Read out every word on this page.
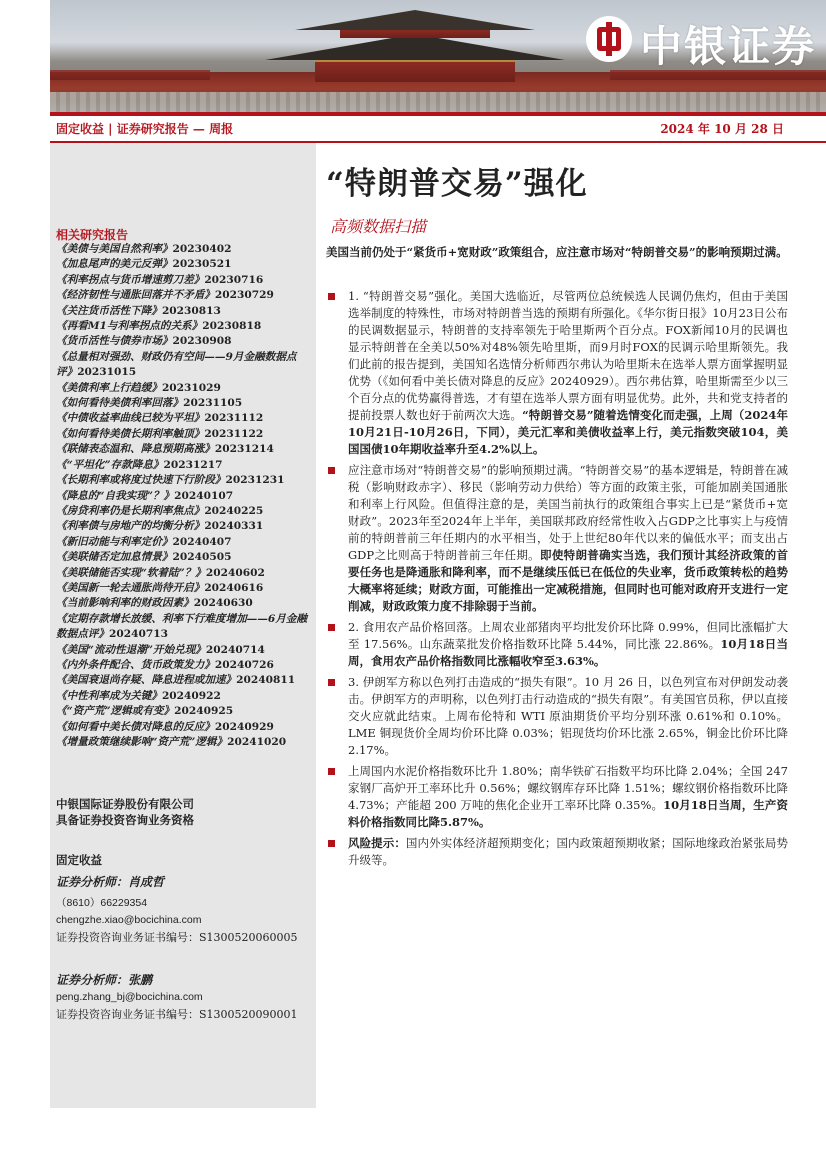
中银证券
固定收益 | 证券研究报告 — 周报	2024 年 10 月 28 日
相关研究报告
《美债与美国自然利率》20230402
《加息尾声的美元反弹》20230521
《利率拐点与货币增速剪刀差》20230716
《经济韧性与通胀回落并不矛盾》20230729
《关注货币活性下降》20230813
《再看M1与利率拐点的关系》20230818
《货币活性与债券市场》20230908
《总量相对强劲、财政仍有空间——9月金融数据点评》20231015
《美债利率上行趋缓》20231029
《如何看待美债利率回落》20231105
《中债收益率曲线已较为平坦》20231112
《如何看待美债长期利率触顶》20231122
《联储表态温和、降息预期高涨》20231214
《“平坦化”存款降息》20231217
《长期利率或将度过快速下行阶段》20231231
《降息的“自我实现”？》20240107
《房贷利率仍是长期利率焦点》20240225
《利率债与房地产的均衡分析》20240331
《新旧动能与利率定价》20240407
《美联储否定加息情景》20240505
《美联储能否实现“软着陆”？》20240602
《美国新一轮去通胀尚待开启》20240616
《当前影响利率的财政因素》20240630
《定期存款增长放缓、利率下行难度增加——6月金融数据点评》20240713
《美国“流动性退潮”开始兑现》20240714
《内外条件配合、货币政策发力》20240726
《美国衰退尚存疑、降息进程或加速》20240811
《中性利率成为关键》20240922
《“资产荒”逻辑或有变》20240925
《如何看中美长债对降息的反应》20240929
《增量政策继续影响“资产荒”逻辑》20241020
中银国际证券股份有限公司
具备证券投资咨询业务资格
固定收益
证券分析师：肖成哲
（8610）66229354
chengzhe.xiao@bocichina.com
证券投资咨询业务证书编号：S1300520060005
证券分析师：张鹏
peng.zhang_bj@bocichina.com
证券投资咨询业务证书编号：S1300520090001
“特朗普交易”强化
高频数据扫描

美国当前仍处于“紧货币+宽财政”政策组合，应注意市场对“特朗普交易”的影响预期过满。

1. “特朗普交易”强化。美国大选临近，尽管两位总统候选人民调仍焦灼，但由于美国选举制度的特殊性，市场对特朗普当选的预期有所强化。《华尔街日报》10月23日公布的民调数据显示，特朗普的支持率领先于哈里斯两个百分点。FOX新闻10月的民调也显示特朗普在全美以50%对48%领先哈里斯，而9月时FOX的民调示哈里斯领先。我们此前的报告提到，美国知名选情分析师西尔弗认为哈里斯未在选举人票方面掌握明显优势（《如何看中美长债对降息的反应》20240929）。西尔弗估算，哈里斯需至少以三个百分点的优势赢得普选，才有望在选举人票方面有明显优势。此外，共和党支持者的提前投票人数也好于前两次大选。“特朗普交易”随着选情变化而走强，上周（2024年10月21日-10月26日，下同），美元汇率和美债收益率上行，美元指数突破104，美国国债10年期收益率升至4.2%以上。
应注意市场对“特朗普交易”的影响预期过满。“特朗普交易”的基本逻辑是，特朗普在减税（影响财政赤字）、移民（影响劳动力供给）等方面的政策主张，可能加剧美国通胀和利率上行风险。但值得注意的是，美国当前执行的政策组合事实上已是“紧货币+宽财政”。2023年至2024年上半年，美国联邦政府经常性收入占GDP之比事实上与疫情前的特朗普前三年任期内的水平相当，处于上世纪80年代以来的偏低水平；而支出占GDP之比则高于特朗普前三年任期。即使特朗普确实当选，我们预计其经济政策的首要任务也是降通胀和降利率，而不是继续压低已在低位的失业率，货币政策转松的趋势大概率将延续；财政方面，可能推出一定减税措施，但同时也可能对政府开支进行一定削减，财政政策力度不排除弱于当前。
2. 食用农产品价格回落。上周农业部猪肉平均批发价环比降 0.99%，但同比涨幅扩大至 17.56%。山东蔬菜批发价格指数环比降 5.44%，同比涨 22.86%。10月18日当周，食用农产品价格指数同比涨幅收窄至3.63%。
3. 伊朗军方称以色列打击造成的“损失有限”。10 月 26 日，以色列宣布对伊朗发动袭击。伊朗军方的声明称，以色列打击行动造成的“损失有限”。有美国官员称，伊以直接交火应就此结束。上周布伦特和 WTI 原油期货价平均分别环涨 0.61%和 0.10%。LME 铜现货价全周均价环比降 0.03%；铝现货均价环比涨 2.65%，铜金比价环比降 2.17%。
上周国内水泥价格指数环比升 1.80%；南华铁矿石指数平均环比降 2.04%；全国 247 家钢厂高炉开工率环比升 0.56%；螺纹钢库存环比降 1.51%；螺纹钢价格指数环比降 4.73%；产能超 200 万吨的焦化企业开工率环比降 0.35%。10月18日当周，生产资料价格指数同比降5.87%。
风险提示：国内外实体经济超预期变化；国内政策超预期收紧；国际地缘政治紧张局势升级等。
